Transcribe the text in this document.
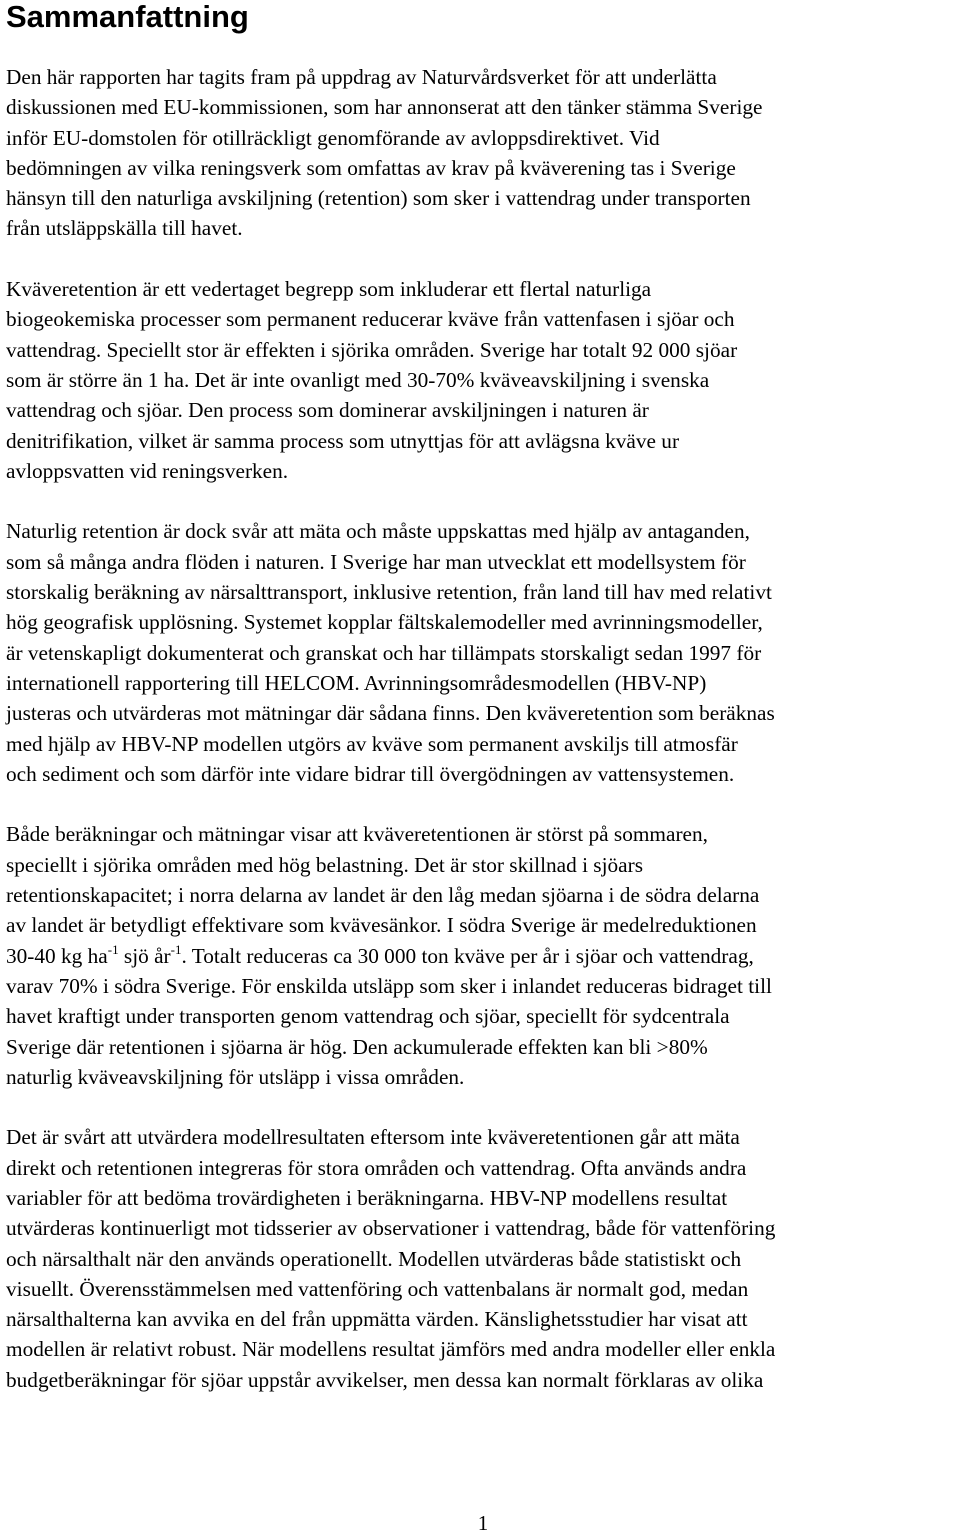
Sammanfattning

Den här rapporten har tagits fram på uppdrag av Naturvårdsverket för att underlätta
diskussionen med EU-kommissionen, som har annonserat att den tänker stämma Sverige
inför EU-domstolen för otillräckligt genomförande av avloppsdirektivet. Vid
bedömningen av vilka reningsverk som omfattas av krav på kväverening tas i Sverige
hänsyn till den naturliga avskiljning (retention) som sker i vattendrag under transporten
från utsläppskälla till havet.

Kväveretention är ett vedertaget begrepp som inkluderar ett flertal naturliga
biogeokemiska processer som permanent reducerar kväve från vattenfasen i sjöar och
vattendrag. Speciellt stor är effekten i sjörika områden. Sverige har totalt 92 000 sjöar
som är större än 1 ha. Det är inte ovanligt med 30-70% kväveavskiljning i svenska
vattendrag och sjöar. Den process som dominerar avskiljningen i naturen är
denitrifikation, vilket är samma process som utnyttjas för att avlägsna kväve ur
avloppsvatten vid reningsverken.

Naturlig retention är dock svår att mäta och måste uppskattas med hjälp av antaganden,
som så många andra flöden i naturen. I Sverige har man utvecklat ett modellsystem för
storskalig beräkning av närsalttransport, inklusive retention, från land till hav med relativt
hög geografisk upplösning. Systemet kopplar fältskalemodeller med avrinningsmodeller,
är vetenskapligt dokumenterat och granskat och har tillämpats storskaligt sedan 1997 för
internationell rapportering till HELCOM. Avrinningsområdesmodellen (HBV-NP)
justeras och utvärderas mot mätningar där sådana finns. Den kväveretention som beräknas
med hjälp av HBV-NP modellen utgörs av kväve som permanent avskiljs till atmosfär
och sediment och som därför inte vidare bidrar till övergödningen av vattensystemen.

Både beräkningar och mätningar visar att kväveretentionen är störst på sommaren,
speciellt i sjörika områden med hög belastning. Det är stor skillnad i sjöars
retentionskapacitet; i norra delarna av landet är den låg medan sjöarna i de södra delarna
av landet är betydligt effektivare som kvävesänkor. I södra Sverige är medelreduktionen
30-40 kg $ha^{-1}$ sjö $år^{-1}$. Totalt reduceras ca 30 000 ton kväve per år i sjöar och vattendrag,
varav 70% i södra Sverige. För enskilda utsläpp som sker i inlandet reduceras bidraget till
havet kraftigt under transporten genom vattendrag och sjöar, speciellt för sydcentrala
Sverige där retentionen i sjöarna är hög. Den ackumulerade effekten kan bli >80%
naturlig kväveavskiljning för utsläpp i vissa områden.

Det är svårt att utvärdera modellresultaten eftersom inte kväveretentionen går att mäta
direkt och retentionen integreras för stora områden och vattendrag. Ofta används andra
variabler för att bedöma trovärdigheten i beräkningarna. HBV-NP modellens resultat
utvärderas kontinuerligt mot tidsserier av observationer i vattendrag, både för vattenföring
och närsalthalt när den används operationellt. Modellen utvärderas både statistiskt och
visuellt. Överensstämmelsen med vattenföring och vattenbalans är normalt god, medan
närsalthalterna kan avvika en del från uppmätta värden. Känslighetsstudier har visat att
modellen är relativt robust. När modellens resultat jämförs med andra modeller eller enkla
budgetberäkningar för sjöar uppstår avvikelser, men dessa kan normalt förklaras av olika

1
